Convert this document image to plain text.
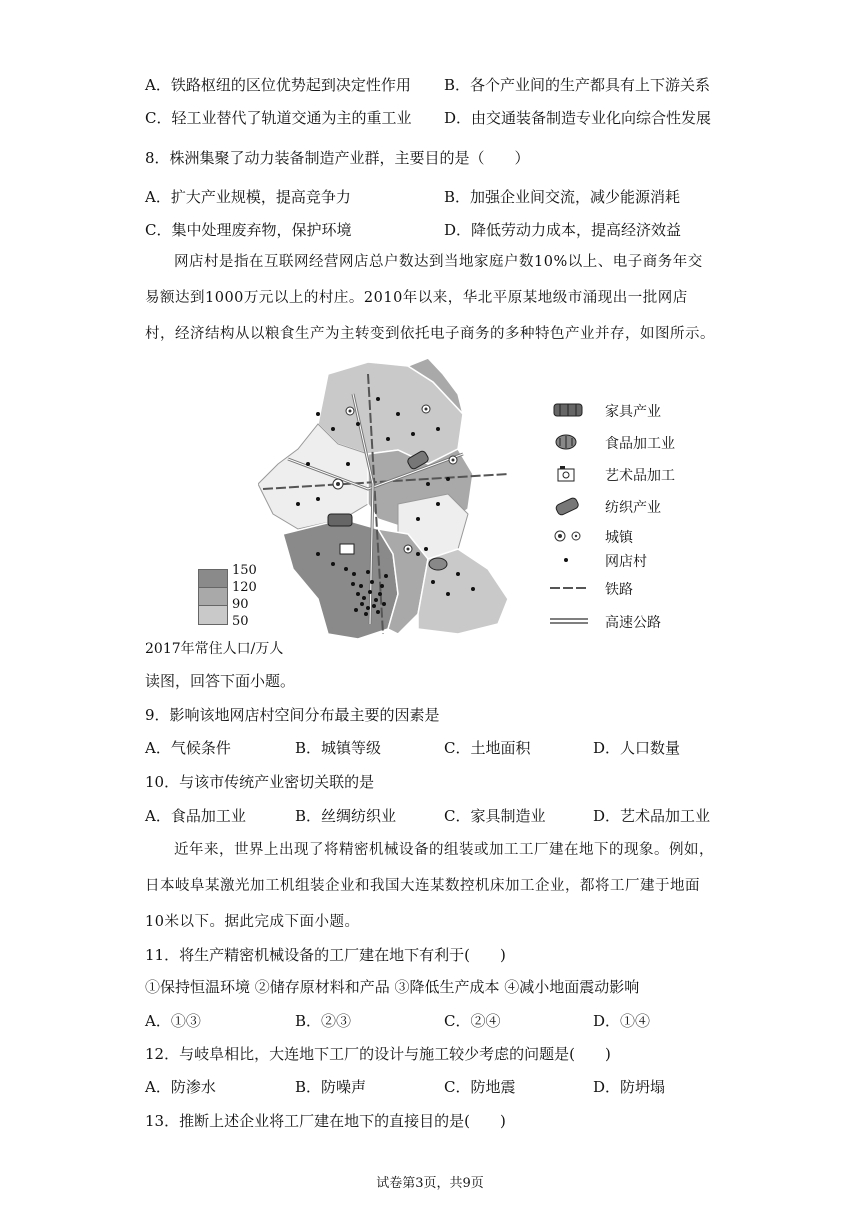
A．铁路枢纽的区位优势起到决定性作用 B．各个产业间的生产都具有上下游关系
C．轻工业替代了轨道交通为主的重工业 D．由交通装备制造专业化向综合性发展
8．株洲集聚了动力装备制造产业群，主要目的是（　　）
A．扩大产业规模，提高竞争力	B．加强企业间交流，减少能源消耗
C．集中处理废弃物，保护环境	D．降低劳动力成本，提高经济效益
网店村是指在互联网经营网店总户数达到当地家庭户数10%以上、电子商务年交易额达到1000万元以上的村庄。2010年以来，华北平原某地级市涌现出一批网店村，经济结构从以粮食生产为主转变到依托电子商务的多种特色产业并存，如图所示。
150
120
90
50
家具产业
食品加工业
艺术品加工
纺织产业
城镇
网店村
铁路
高速公路
2017年常住人口/万人
读图，回答下面小题。
9．影响该地网店村空间分布最主要的因素是
A．气候条件	B．城镇等级	C．土地面积	D．人口数量
10．与该市传统产业密切关联的是
A．食品加工业	B．丝绸纺织业	C．家具制造业	D．艺术品加工业
近年来，世界上出现了将精密机械设备的组装或加工工厂建在地下的现象。例如，日本岐阜某激光加工机组装企业和我国大连某数控机床加工企业，都将工厂建于地面10米以下。据此完成下面小题。
11．将生产精密机械设备的工厂建在地下有利于(　　)
①保持恒温环境 ②储存原材料和产品 ③降低生产成本 ④减小地面震动影响
A．①③	B．②③	C．②④	D．①④
12．与岐阜相比，大连地下工厂的设计与施工较少考虑的问题是(　　)
A．防渗水	B．防噪声	C．防地震	D．防坍塌
13．推断上述企业将工厂建在地下的直接目的是(　　)
试卷第3页，共9页
